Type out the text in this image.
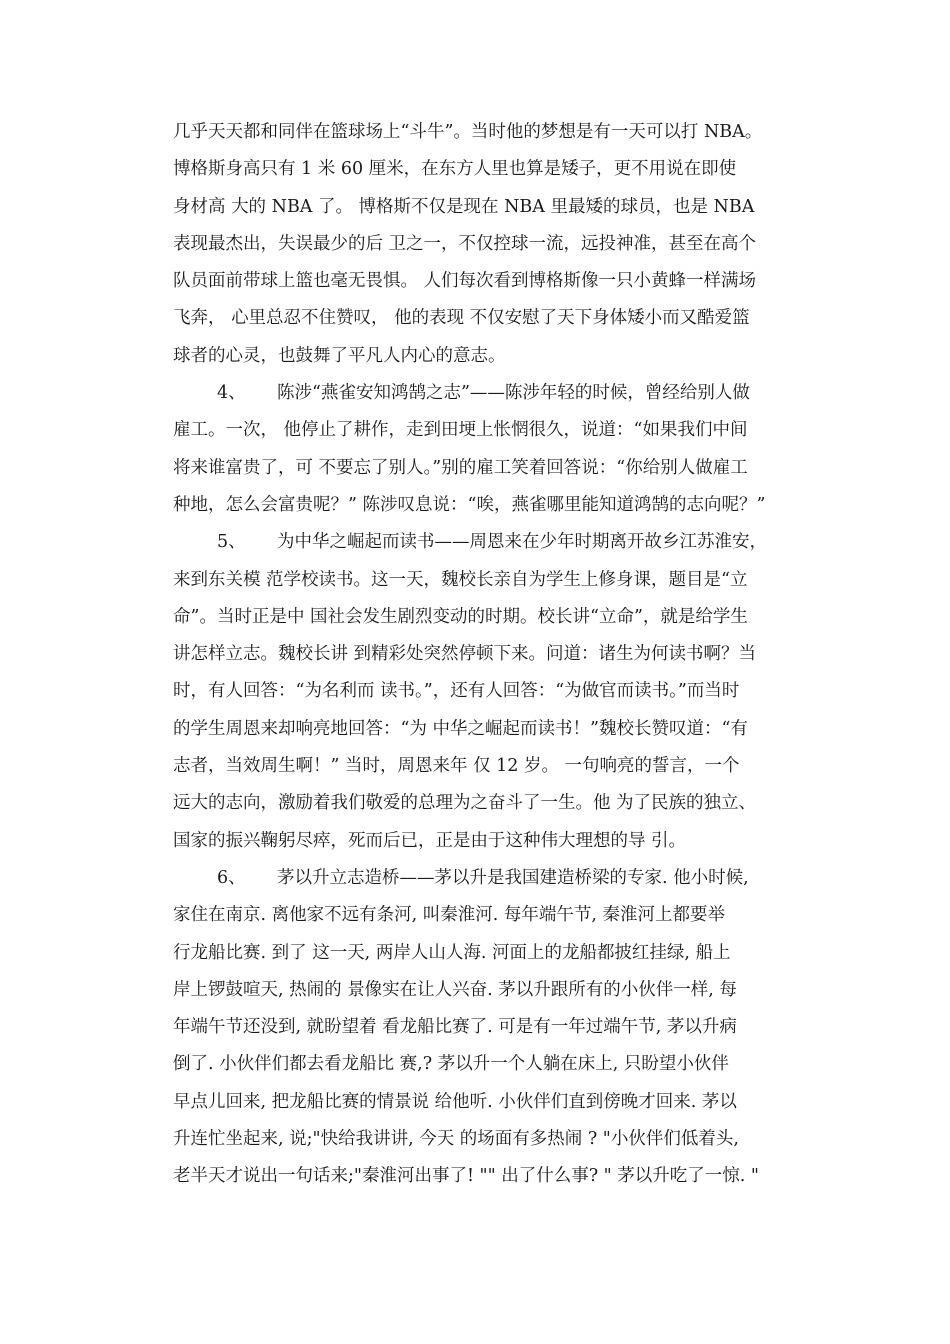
几乎天天都和同伴在篮球场上“斗牛”。当时他的梦想是有一天可以打 NBA。
博格斯身高只有 1 米 60 厘米，在东方人里也算是矮子，更不用说在即使
身材高 大的 NBA 了。 博格斯不仅是现在 NBA 里最矮的球员，也是 NBA
表现最杰出，失误最少的后 卫之一，不仅控球一流，远投神准，甚至在高个
队员面前带球上篮也毫无畏惧。 人们每次看到博格斯像一只小黄蜂一样满场
飞奔， 心里总忍不住赞叹， 他的表现 不仅安慰了天下身体矮小而又酷爱篮
球者的心灵，也鼓舞了平凡人内心的意志。
4、 陈涉“燕雀安知鸿鹄之志”——陈涉年轻的时候，曾经给别人做
雇工。一次， 他停止了耕作，走到田埂上怅惘很久，说道：“如果我们中间
将来谁富贵了，可 不要忘了别人。”别的雇工笑着回答说：“你给别人做雇工
种地，怎么会富贵呢？” 陈涉叹息说：“唉，燕雀哪里能知道鸿鹄的志向呢？”
5、 为中华之崛起而读书——周恩来在少年时期离开故乡江苏淮安，
来到东关模 范学校读书。这一天，魏校长亲自为学生上修身课，题目是“立
命”。当时正是中 国社会发生剧烈变动的时期。校长讲“立命”，就是给学生
讲怎样立志。魏校长讲 到精彩处突然停顿下来。问道：诸生为何读书啊？当
时，有人回答：“为名利而 读书。”，还有人回答：“为做官而读书。”而当时
的学生周恩来却响亮地回答：“为 中华之崛起而读书！”魏校长赞叹道：“有
志者，当效周生啊！” 当时，周恩来年 仅 12 岁。 一句响亮的誓言，一个
远大的志向，激励着我们敬爱的总理为之奋斗了一生。他 为了民族的独立、
国家的振兴鞠躬尽瘁，死而后已，正是由于这种伟大理想的导 引。
6、 茅以升立志造桥——茅以升是我国建造桥梁的专家. 他小时候,
家住在南京. 离他家不远有条河, 叫秦淮河. 每年端午节, 秦淮河上都要举
行龙船比赛. 到了 这一天, 两岸人山人海. 河面上的龙船都披红挂绿, 船上
岸上锣鼓喧天, 热闹的 景像实在让人兴奋. 茅以升跟所有的小伙伴一样, 每
年端午节还没到, 就盼望着 看龙船比赛了. 可是有一年过端午节, 茅以升病
倒了. 小伙伴们都去看龙船比 赛,? 茅以升一个人躺在床上, 只盼望小伙伴
早点儿回来, 把龙船比赛的情景说 给他听. 小伙伴们直到傍晚才回来. 茅以
升连忙坐起来, 说;"快给我讲讲, 今天 的场面有多热闹 ? "小伙伴们低着头,
老半天才说出一句话来;"秦淮河出事了! "" 出了什么事? " 茅以升吃了一惊. "
